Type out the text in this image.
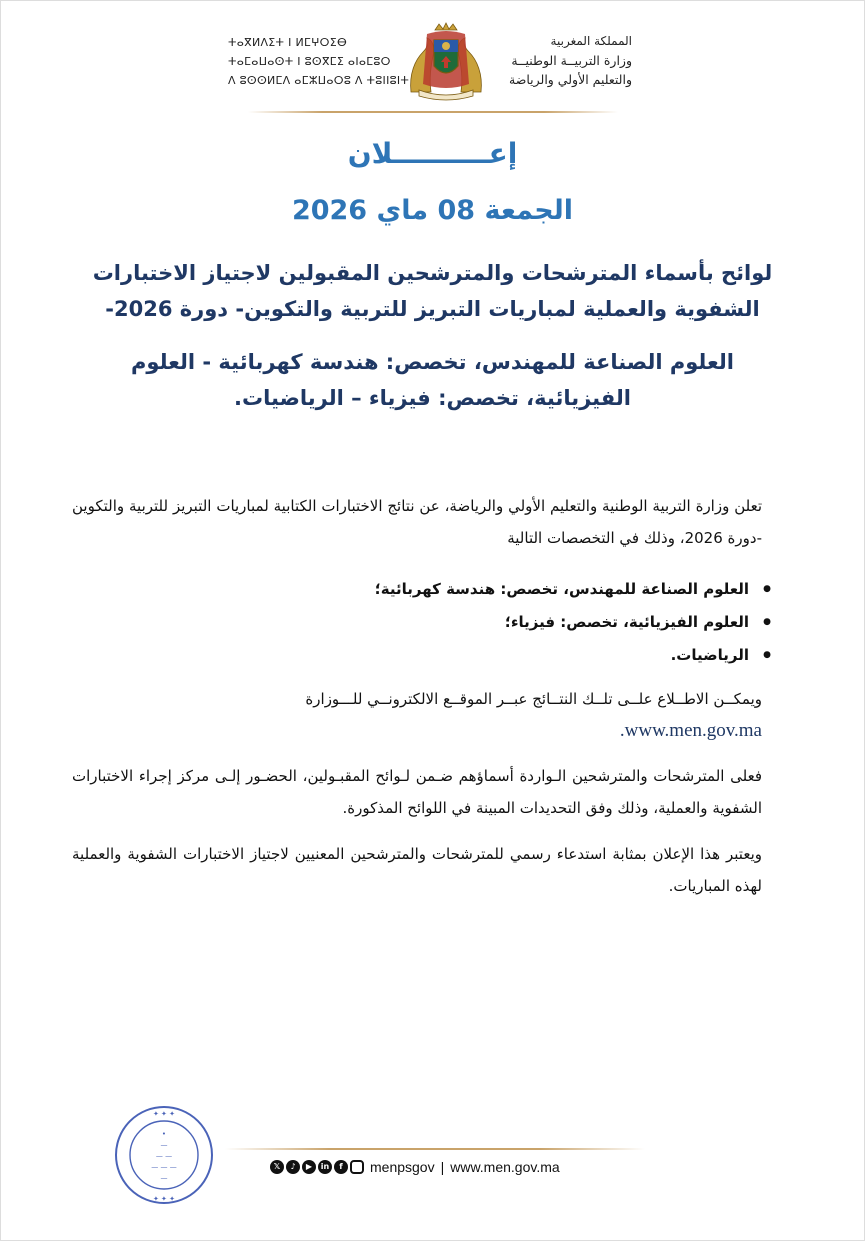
ⵜⴰⴳⵍⴷⵉⵜ ⵏ ⵍⵎⵖⵔⵉⴱ
ⵜⴰⵎⴰⵡⴰⵙⵜ ⵏ ⵓⵙⴳⵎⵉ ⴰⵏⴰⵎⵓⵔ
ⴷ ⵓⵙⵙⵍⵎⴷ ⴰⵎⵣⵡⴰⵔⵓ ⴷ ⵜⵓⵏⵏⵓⵏⵜ
المملكة المغربية
وزارة التربيــة الوطنيــة
والتعليم الأولي والرياضة
إعــــــــــلان
الجمعة 08 ماي 2026
لوائح بأسماء المترشحات والمترشحين المقبولين لاجتياز الاختبارات الشفوية والعملية لمباريات التبريز للتربية والتكوين- دورة 2026-
العلوم الصناعة للمهندس، تخصص: هندسة كهربائية - العلوم الفيزيائية، تخصص: فيزياء – الرياضيات.
تعلن وزارة التربية الوطنية والتعليم الأولي والرياضة، عن نتائج الاختبارات الكتابية لمباريات التبريز للتربية والتكوين -دورة 2026، وذلك في التخصصات التالية
● العلوم الصناعة للمهندس، تخصص: هندسة كهربائية؛
● العلوم الفيزيائية، تخصص: فيزياء؛
● الرياضيات.
ويمكــن الاطــلاع علــى تلــك النتــائج عبــر الموقــع الالكترونــي للـــوزارة
www.men.gov.ma.
فعلى المترشحات والمترشحين الـواردة أسماؤهم ضـمن لـوائح المقبـولين، الحضـور إلـى مركز إجراء الاختبارات الشفوية والعملية، وذلك وفق التحديدات المبينة في اللوائح المذكورة.
ويعتبر هذا الإعلان بمثابة استدعاء رسمي للمترشحات والمترشحين المعنيين لاجتياز الاختبارات الشفوية والعملية لهذه المباريات.
✦ ✦ ✦
•
—
— —
— — —
—
✦ ✦ ✦
𝕏	♪	▶	in	f	menpsgov | www.men.gov.ma
